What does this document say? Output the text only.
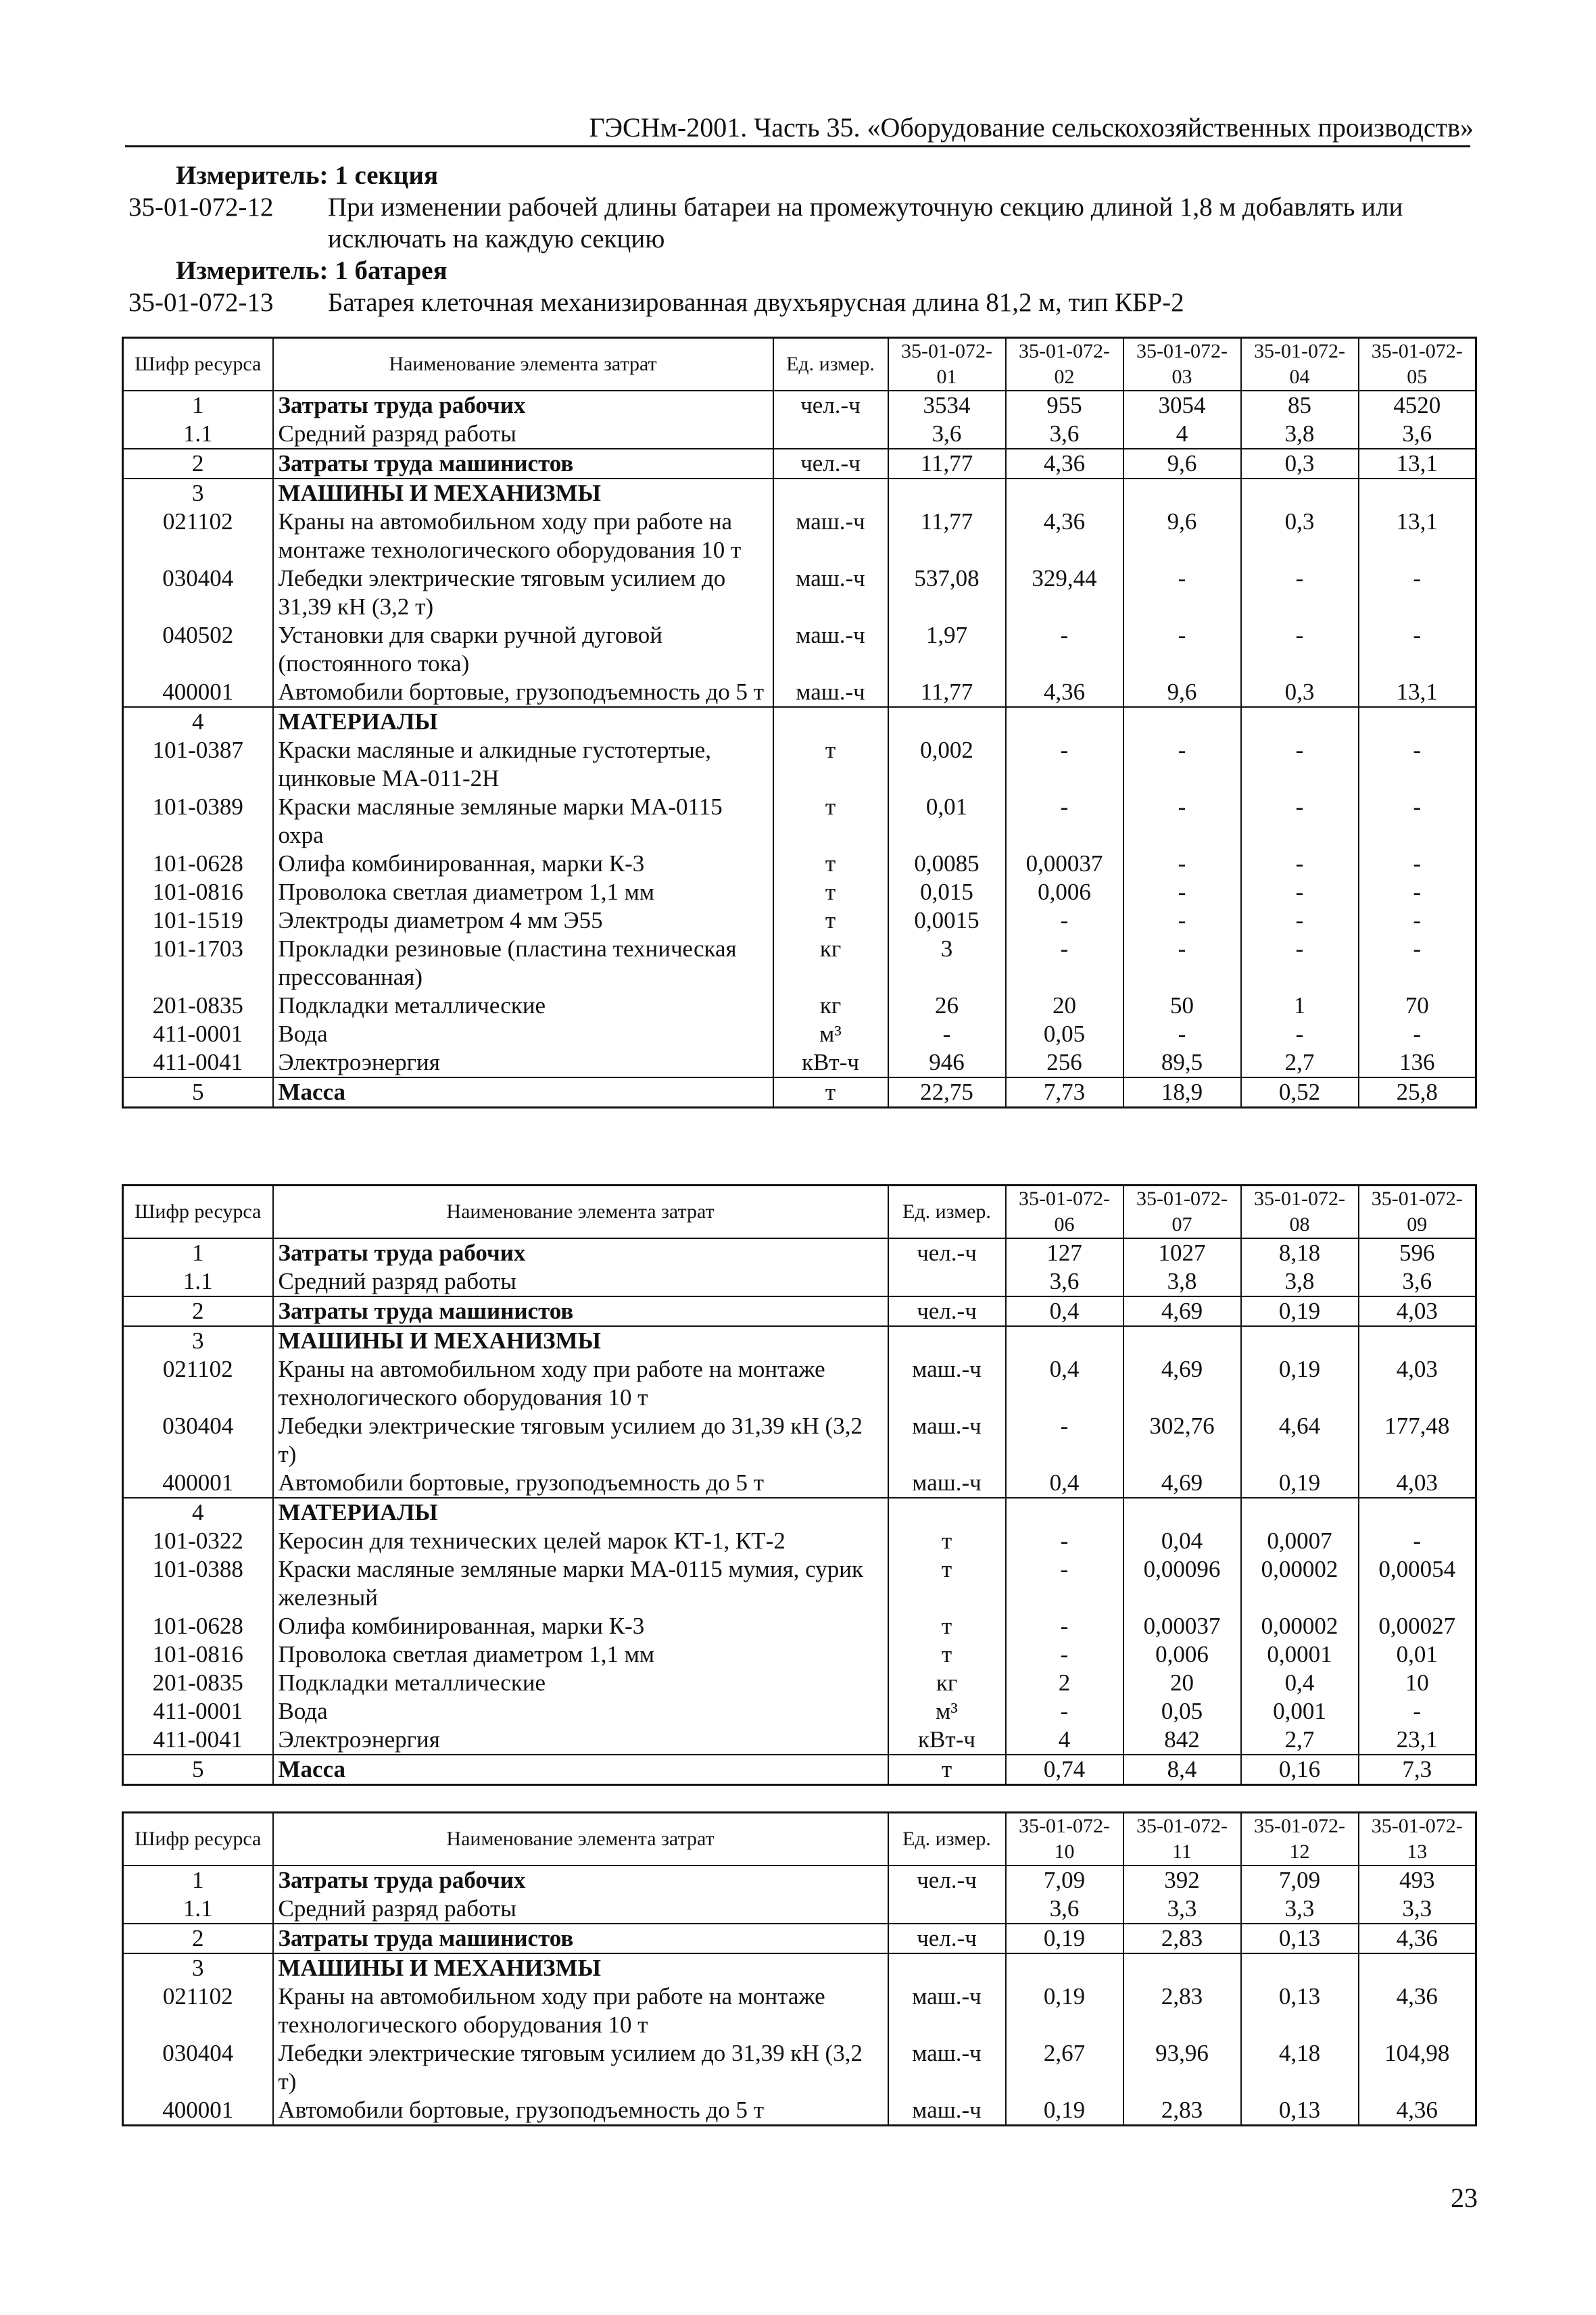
ГЭСНм-2001. Часть 35. «Оборудование сельскохозяйственных производств»
Измеритель: 1 секция
35-01-072-12	При изменении рабочей длины батареи на промежуточную секцию длиной 1,8 м добавлять или исключать на каждую секцию
Измеритель: 1 батарея
35-01-072-13	Батарея клеточная механизированная двухъярусная длина 81,2 м, тип КБР-2
Шифр ресурса	Наименование элемента затрат	Ед. измер.	35-01-072-01	35-01-072-02	35-01-072-03	35-01-072-04	35-01-072-05
1	Затраты труда рабочих	чел.-ч	3534	955	3054	85	4520
1.1	Средний разряд работы		3,6	3,6	4	3,8	3,6
2	Затраты труда машинистов	чел.-ч	11,77	4,36	9,6	0,3	13,1
3	МАШИНЫ И МЕХАНИЗМЫ						
021102	Краны на автомобильном ходу при работе на монтаже технологического оборудования 10 т	маш.-ч	11,77	4,36	9,6	0,3	13,1
030404	Лебедки электрические тяговым усилием до 31,39 кН (3,2 т)	маш.-ч	537,08	329,44	-	-	-
040502	Установки для сварки ручной дуговой (постоянного тока)	маш.-ч	1,97	-	-	-	-
400001	Автомобили бортовые, грузоподъемность до 5 т	маш.-ч	11,77	4,36	9,6	0,3	13,1
4	МАТЕРИАЛЫ						
101-0387	Краски масляные и алкидные густотертые, цинковые МА-011-2Н	т	0,002	-	-	-	-
101-0389	Краски масляные земляные марки МА-0115 охра	т	0,01	-	-	-	-
101-0628	Олифа комбинированная, марки К-3	т	0,0085	0,00037	-	-	-
101-0816	Проволока светлая диаметром 1,1 мм	т	0,015	0,006	-	-	-
101-1519	Электроды диаметром 4 мм Э55	т	0,0015	-	-	-	-
101-1703	Прокладки резиновые (пластина техническая прессованная)	кг	3	-	-	-	-
201-0835	Подкладки металлические	кг	26	20	50	1	70
411-0001	Вода	м³	-	0,05	-	-	-
411-0041	Электроэнергия	кВт-ч	946	256	89,5	2,7	136
5	Масса	т	22,75	7,73	18,9	0,52	25,8
Шифр ресурса	Наименование элемента затрат	Ед. измер.	35-01-072-06	35-01-072-07	35-01-072-08	35-01-072-09
1	Затраты труда рабочих	чел.-ч	127	1027	8,18	596
1.1	Средний разряд работы		3,6	3,8	3,8	3,6
2	Затраты труда машинистов	чел.-ч	0,4	4,69	0,19	4,03
3	МАШИНЫ И МЕХАНИЗМЫ					
021102	Краны на автомобильном ходу при работе на монтаже технологического оборудования 10 т	маш.-ч	0,4	4,69	0,19	4,03
030404	Лебедки электрические тяговым усилием до 31,39 кН (3,2 т)	маш.-ч	-	302,76	4,64	177,48
400001	Автомобили бортовые, грузоподъемность до 5 т	маш.-ч	0,4	4,69	0,19	4,03
4	МАТЕРИАЛЫ					
101-0322	Керосин для технических целей марок КТ-1, КТ-2	т	-	0,04	0,0007	-
101-0388	Краски масляные земляные марки МА-0115 мумия, сурик железный	т	-	0,00096	0,00002	0,00054
101-0628	Олифа комбинированная, марки К-3	т	-	0,00037	0,00002	0,00027
101-0816	Проволока светлая диаметром 1,1 мм	т	-	0,006	0,0001	0,01
201-0835	Подкладки металлические	кг	2	20	0,4	10
411-0001	Вода	м³	-	0,05	0,001	-
411-0041	Электроэнергия	кВт-ч	4	842	2,7	23,1
5	Масса	т	0,74	8,4	0,16	7,3
Шифр ресурса	Наименование элемента затрат	Ед. измер.	35-01-072-10	35-01-072-11	35-01-072-12	35-01-072-13
1	Затраты труда рабочих	чел.-ч	7,09	392	7,09	493
1.1	Средний разряд работы		3,6	3,3	3,3	3,3
2	Затраты труда машинистов	чел.-ч	0,19	2,83	0,13	4,36
3	МАШИНЫ И МЕХАНИЗМЫ					
021102	Краны на автомобильном ходу при работе на монтаже технологического оборудования 10 т	маш.-ч	0,19	2,83	0,13	4,36
030404	Лебедки электрические тяговым усилием до 31,39 кН (3,2 т)	маш.-ч	2,67	93,96	4,18	104,98
400001	Автомобили бортовые, грузоподъемность до 5 т	маш.-ч	0,19	2,83	0,13	4,36
23
